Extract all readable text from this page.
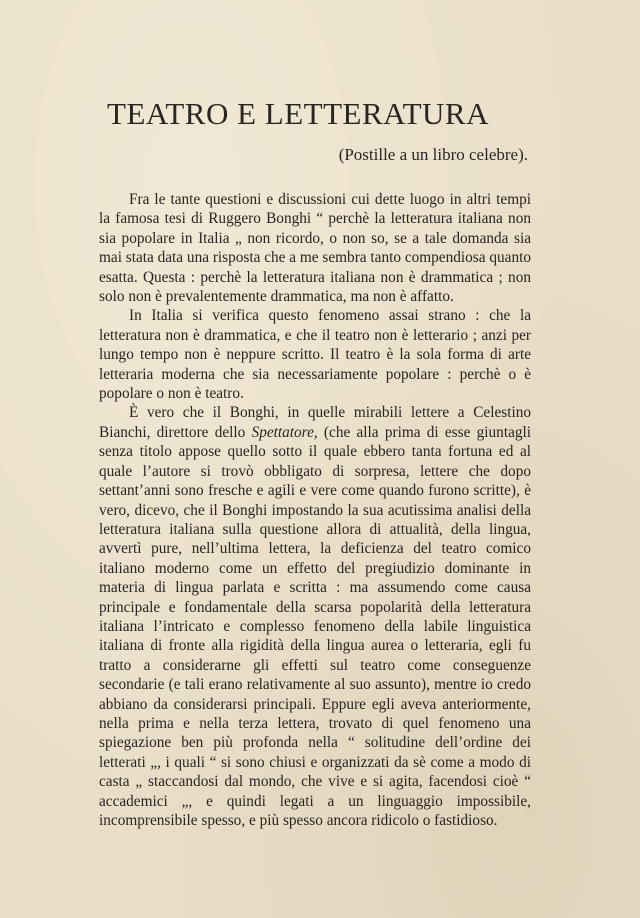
TEATRO E LETTERATURA
(Postille a un libro celebre).

Fra le tante questioni e discussioni cui dette luogo in altri tempi la famosa tesi di Ruggero Bonghi “ perchè la letteratura italiana non sia popolare in Italia „ non ricordo, o non so, se a tale domanda sia mai stata data una risposta che a me sembra tanto compendiosa quanto esatta. Questa : perchè la letteratura italiana non è drammatica ; non solo non è prevalentemente drammatica, ma non è affatto.

In Italia si verifica questo fenomeno assai strano : che la letteratura non è drammatica, e che il teatro non è letterario ; anzi per lungo tempo non è neppure scritto. Il teatro è la sola forma di arte letteraria moderna che sia necessariamente popolare : perchè o è popolare o non è teatro.

È vero che il Bonghi, in quelle mirabili lettere a Celestino Bianchi, direttore dello Spettatore, (che alla prima di esse giuntagli senza titolo appose quello sotto il quale ebbero tanta fortuna ed al quale l’autore si trovò obbligato di sorpresa, lettere che dopo settant’anni sono fresche e agili e vere come quando furono scritte), è vero, dicevo, che il Bonghi impostando la sua acutissima analisi della letteratura italiana sulla questione allora di attualità, della lingua, avvertì pure, nell’ultima lettera, la deficienza del teatro comico italiano moderno come un effetto del pregiudizio dominante in materia di lingua parlata e scritta : ma assumendo come causa principale e fondamentale della scarsa popolarità della letteratura italiana l’intricato e complesso fenomeno della labile linguistica italiana di fronte alla rigidità della lingua aurea o letteraria, egli fu tratto a considerarne gli effetti sul teatro come conseguenze secondarie (e tali erano relativamente al suo assunto), mentre io credo abbiano da considerarsi principali. Eppure egli aveva anteriormente, nella prima e nella terza lettera, trovato di quel fenomeno una spiegazione ben più profonda nella “ solitudine dell’ordine dei letterati „, i quali “ si sono chiusi e organizzati da sè come a modo di casta „ staccandosi dal mondo, che vive e si agita, facendosi cioè “ accademici „, e quindi legati a un linguaggio impossibile, incomprensibile spesso, e più spesso ancora ridicolo o fastidioso.
